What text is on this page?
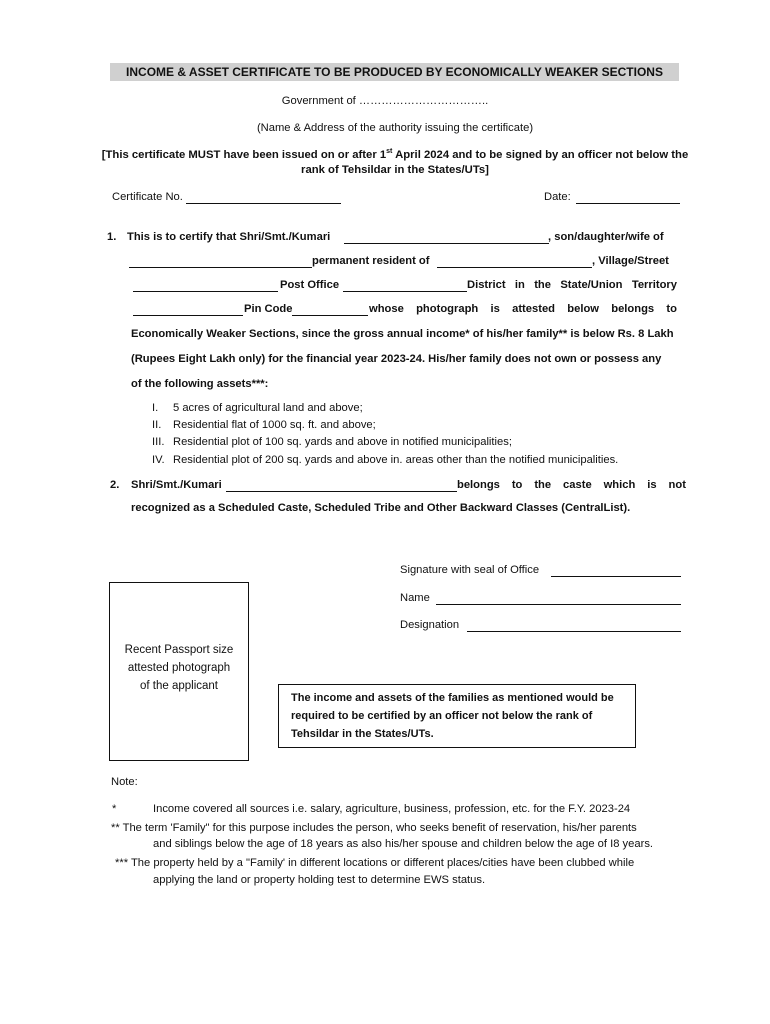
INCOME & ASSET CERTIFICATE TO BE PRODUCED BY ECONOMICALLY WEAKER SECTIONS
Government of ……………………………..
(Name & Address of the authority issuing the certificate)
[This certificate MUST have been issued on or after 1st April 2024 and to be signed by an officer not below the
rank of Tehsildar in the States/UTs]
Certificate No.	Date:
1. This is to certify that Shri/Smt./Kumari	, son/daughter/wife of
permanent resident of	, Village/Street
Post Office	District in the State/Union Territory
Pin Code	whose photograph is attested below belongs to
Economically Weaker Sections, since the gross annual income* of his/her family** is below Rs. 8 Lakh
(Rupees Eight Lakh only) for the financial year 2023-24. His/her family does not own or possess any
of the following assets***:
I. 5 acres of agricultural land and above;
II. Residential flat of 1000 sq. ft. and above;
III. Residential plot of 100 sq. yards and above in notified municipalities;
IV. Residential plot of 200 sq. yards and above in. areas other than the notified municipalities.
2. Shri/Smt./Kumari	belongs to the caste which is not
recognized as a Scheduled Caste, Scheduled Tribe and Other Backward Classes (CentralList).
Signature with seal of Office
Name
Designation
Recent Passport size
attested photograph
of the applicant
The income and assets of the families as mentioned would be
required to be certified by an officer not below the rank of
Tehsildar in the States/UTs.
Note:
*	Income covered all sources i.e. salary, agriculture, business, profession, etc. for the F.Y. 2023-24
** The term 'Family" for this purpose includes the person, who seeks benefit of reservation, his/her parents
and siblings below the age of 18 years as also his/her spouse and children below the age of I8 years.
*** The property held by a "Family' in different locations or different places/cities have been clubbed while
applying the land or property holding test to determine EWS status.
